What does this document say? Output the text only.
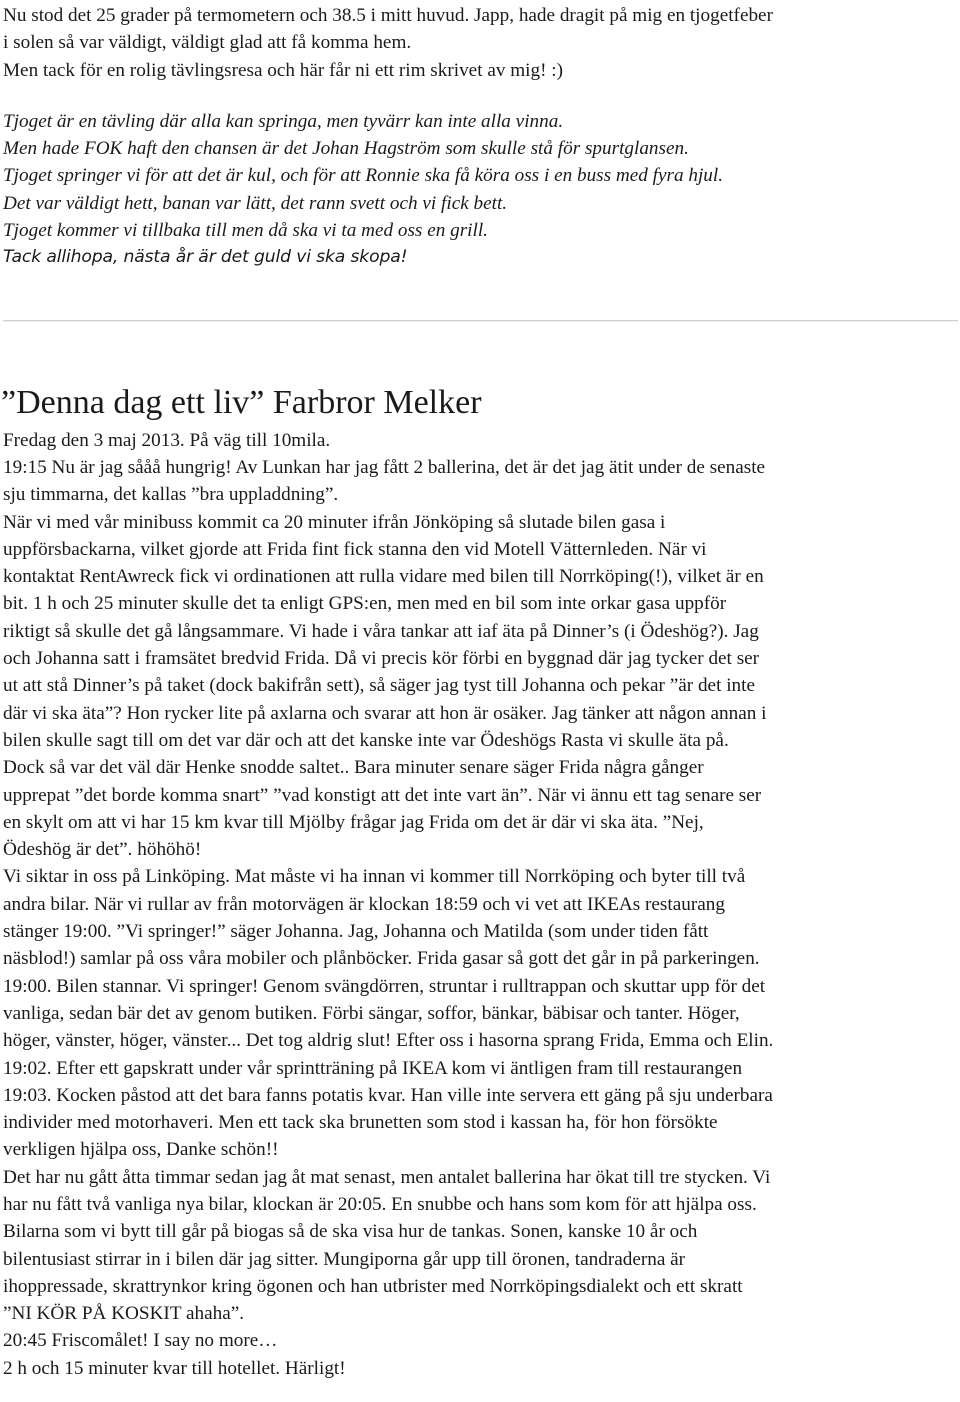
Nu stod det 25 grader på termometern och 38.5 i mitt huvud. Japp, hade dragit på mig en tjogetfeber

i solen så var väldigt, väldigt glad att få komma hem.

Men tack för en rolig tävlingsresa och här får ni ett rim skrivet av mig! :)

Tjoget är en tävling där alla kan springa, men tyvärr kan inte alla vinna.

Men hade FOK haft den chansen är det Johan Hagström som skulle stå för spurtglansen.

Tjoget springer vi för att det är kul, och för att Ronnie ska få köra oss i en buss med fyra hjul.

Det var väldigt hett, banan var lätt, det rann svett och vi fick bett.

Tjoget kommer vi tillbaka till men då ska vi ta med oss en grill.

Tack allihopa, nästa år är det guld vi ska skopa!

”Denna dag ett liv” Farbror Melker

Fredag den 3 maj 2013. På väg till 10mila.

19:15 Nu är jag sååå hungrig! Av Lunkan har jag fått 2 ballerina, det är det jag ätit under de senaste

sju timmarna, det kallas ”bra uppladdning”.

När vi med vår minibuss kommit ca 20 minuter ifrån Jönköping så slutade bilen gasa i

uppförsbackarna, vilket gjorde att Frida fint fick stanna den vid Motell Vätternleden. När vi

kontaktat RentAwreck fick vi ordinationen att rulla vidare med bilen till Norrköping(!), vilket är en

bit. 1 h och 25 minuter skulle det ta enligt GPS:en, men med en bil som inte orkar gasa uppför

riktigt så skulle det gå långsammare. Vi hade i våra tankar att iaf äta på Dinner’s (i Ödeshög?). Jag

och Johanna satt i framsätet bredvid Frida. Då vi precis kör förbi en byggnad där jag tycker det ser

ut att stå Dinner’s på taket (dock bakifrån sett), så säger jag tyst till Johanna och pekar ”är det inte

där vi ska äta”? Hon rycker lite på axlarna och svarar att hon är osäker. Jag tänker att någon annan i

bilen skulle sagt till om det var där och att det kanske inte var Ödeshögs Rasta vi skulle äta på.

Dock så var det väl där Henke snodde saltet.. Bara minuter senare säger Frida några gånger

upprepat ”det borde komma snart” ”vad konstigt att det inte vart än”. När vi ännu ett tag senare ser

en skylt om att vi har 15 km kvar till Mjölby frågar jag Frida om det är där vi ska äta. ”Nej,

Ödeshög är det”. höhöhö!

Vi siktar in oss på Linköping. Mat måste vi ha innan vi kommer till Norrköping och byter till två

andra bilar. När vi rullar av från motorvägen är klockan 18:59 och vi vet att IKEAs restaurang

stänger 19:00. ”Vi springer!” säger Johanna. Jag, Johanna och Matilda (som under tiden fått

näsblod!) samlar på oss våra mobiler och plånböcker. Frida gasar så gott det går in på parkeringen.

19:00. Bilen stannar. Vi springer! Genom svängdörren, struntar i rulltrappan och skuttar upp för det

vanliga, sedan bär det av genom butiken. Förbi sängar, soffor, bänkar, bäbisar och tanter. Höger,

höger, vänster, höger, vänster... Det tog aldrig slut! Efter oss i hasorna sprang Frida, Emma och Elin.

19:02. Efter ett gapskratt under vår sprintträning på IKEA kom vi äntligen fram till restaurangen

19:03. Kocken påstod att det bara fanns potatis kvar. Han ville inte servera ett gäng på sju underbara

individer med motorhaveri. Men ett tack ska brunetten som stod i kassan ha, för hon försökte

verkligen hjälpa oss, Danke schön!!

Det har nu gått åtta timmar sedan jag åt mat senast, men antalet ballerina har ökat till tre stycken. Vi

har nu fått två vanliga nya bilar, klockan är 20:05. En snubbe och hans som kom för att hjälpa oss.

Bilarna som vi bytt till går på biogas så de ska visa hur de tankas. Sonen, kanske 10 år och

bilentusiast stirrar in i bilen där jag sitter. Mungiporna går upp till öronen, tandraderna är

ihoppressade, skrattrynkor kring ögonen och han utbrister med Norrköpingsdialekt och ett skratt

”NI KÖR PÅ KOSKIT ahaha”.

20:45 Friscomålet! I say no more…

2 h och 15 minuter kvar till hotellet. Härligt!
